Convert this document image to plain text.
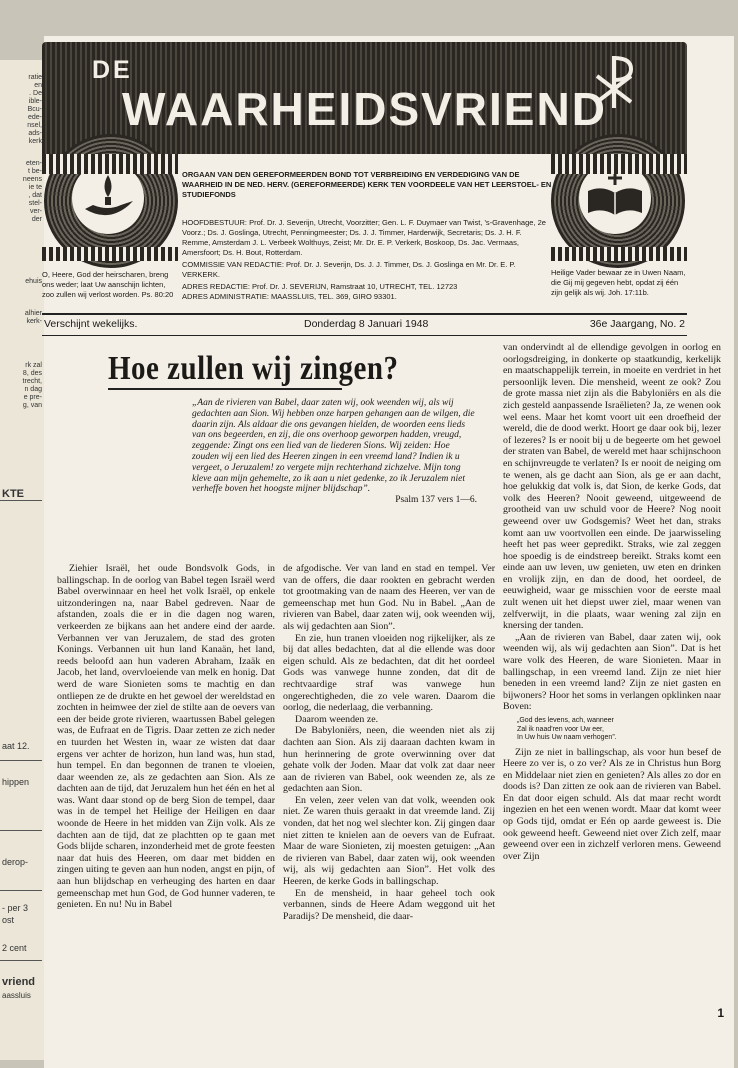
ratie
en
. De
ible-
Bcu-
ede-
nsel,
ads-
kerk
eten-
t be-
neens
ie te
, dat
stel-
ver-
der
ehuis
alhier
kerk-
rk zal
8, des
trecht,
n dag
e pre-
g, van
KTE
aat 12.
hippen
derop-
- per 3
ost
2 cent
vriend
aassluis
DE
WAARHEIDSVRIEND
ORGAAN VAN DEN GEREFORMEERDEN BOND TOT VERBREIDING EN VERDEDIGING VAN DE WAARHEID IN DE NED. HERV. (GEREFORMEERDE) KERK TEN VOORDEELE VAN HET LEERSTOEL- EN STUDIEFONDS
HOOFDBESTUUR: Prof. Dr. J. Severijn, Utrecht, Voorzitter; Gen. L. F. Duymaer van Twist, 's-Gravenhage, 2e Voorz.; Ds. J. Goslinga, Utrecht, Penningmeester; Ds. J. J. Timmer, Harderwijk, Secretaris; Ds. J. H. F. Remme, Amsterdam J. L. Verbeek Wolthuys, Zeist; Mr. Dr. E. P. Verkerk, Boskoop, Ds. Jac. Vermaas, Amersfoort; Ds. H. Bout, Rotterdam.
COMMISSIE VAN REDACTIE: Prof. Dr. J. Severijn, Ds. J. J. Timmer, Ds. J. Goslinga en Mr. Dr. E. P. VERKERK.
ADRES REDACTIE: Prof. Dr. J. SEVERIJN, Ramstraat 10, UTRECHT, TEL. 12723
ADRES ADMINISTRATIE: MAASSLUIS, TEL. 369, GIRO 93301.
O, Heere, God der heirscharen, breng ons weder; laat Uw aanschijn lichten, zoo zullen wij verlost worden. Ps. 80:20
Heilige Vader bewaar ze in Uwen Naam, die Gij mij gegeven hebt, opdat zij één zijn gelijk als wij. Joh. 17:11b.
Verschijnt wekelijks.	Donderdag 8 Januari 1948	36e Jaargang, No. 2
Hoe zullen wij zingen?
„Aan de rivieren van Babel, daar zaten wij, ook weenden wij, als wij gedachten aan Sion. Wij hebben onze harpen gehangen aan de wilgen, die daarin zijn. Als aldaar die ons gevangen hielden, de woorden eens lieds van ons begeerden, en zij, die ons overhoop geworpen hadden, vreugd, zeggende: Zingt ons een lied van de liederen Sions. Wij zeiden: Hoe zouden wij een lied des Heeren zingen in een vreemd land? Indien ik u vergeet, o Jeruzalem! zo vergete mijn rechterhand zichzelve. Mijn tong kleve aan mijn gehemelte, zo ik aan u niet gedenke, zo ik Jeruzalem niet verheffe boven het hoogste mijner blijdschap”.
Psalm 137 vers 1—6.

Ziehier Israël, het oude Bondsvolk Gods, in ballingschap. In de oorlog van Babel tegen Israël werd Babel overwinnaar en heel het volk Israël, op enkele uitzonderingen na, naar Babel gedreven. Naar de afstanden, zoals die er in die dagen nog waren, verkeerden ze bijkans aan het andere eind der aarde. Verbannen ver van Jeruzalem, de stad des groten Konings. Verbannen uit hun land Kanaän, het land, reeds beloofd aan hun vaderen Abraham, Izaäk en Jacob, het land, overvloeiende van melk en honig. Dat werd de ware Sionieten soms te machtig en dan ontliepen ze de drukte en het gewoel der wereldstad en zochten in heimwee der ziel de stilte aan de oevers van een der beide grote rivieren, waartussen Babel gelegen was, de Eufraat en de Tigris. Daar zetten ze zich neder en tuurden het Westen in, waar ze wisten dat daar ergens ver achter de horizon, hun land was, hun stad, hun tempel. En dan begonnen de tranen te vloeien, daar weenden ze, als ze gedachten aan Sion. Als ze dachten aan de tijd, dat Jeruzalem hun het één en het al was. Want daar stond op de berg Sion de tempel, daar was in de tempel het Heilige der Heiligen en daar woonde de Heere in het midden van Zijn volk. Als ze dachten aan de tijd, dat ze plachtten op te gaan met Gods blijde scharen, inzonderheid met de grote feesten naar dat huis des Heeren, om daar met bidden en zingen uiting te geven aan hun noden, angst en pijn, of aan hun blijdschap en verheuging des harten en daar gemeenschap met hun God, de God hunner vaderen, te genieten. En nu! Nu in Babel

de afgodische. Ver van land en stad en tempel. Ver van de offers, die daar rookten en gebracht werden tot grootmaking van de naam des Heeren, ver van de gemeenschap met hun God. Nu in Babel. „Aan de rivieren van Babel, daar zaten wij, ook weenden wij, als wij gedachten aan Sion”.

En zie, hun tranen vloeiden nog rijkelijker, als ze bij dat alles bedachten, dat al die ellende was door eigen schuld. Als ze bedachten, dat dit het oordeel Gods was vanwege hunne zonden, dat dit de rechtvaardige straf was vanwege hun ongerechtigheden, die zo vele waren. Daarom die oorlog, die nederlaag, die verbanning.

Daarom weenden ze.

De Babyloniërs, neen, die weenden niet als zij dachten aan Sion. Als zij daaraan dachten kwam in hun herinnering de grote overwinning over dat gehate volk der Joden. Maar dat volk zat daar neer aan de rivieren van Babel, ook weenden ze, als ze gedachten aan Sion.

En velen, zeer velen van dat volk, weenden ook niet. Ze waren thuis geraakt in dat vreemde land. Zij vonden, dat het nog wel slechter kon. Zij gingen daar niet zitten te knielen aan de oevers van de Eufraat. Maar de ware Sionieten, zij moesten getuigen: „Aan de rivieren van Babel, daar zaten wij, ook weenden wij, als wij gedachten aan Sion”. Het volk des Heeren, de kerke Gods in ballingschap.

En de mensheid, in haar geheel toch ook verbannen, sinds de Heere Adam weggond uit het Paradijs? De mensheid, die daar-

van ondervindt al de ellendige gevolgen in oorlog en oorlogsdreiging, in donkerte op staatkundig, kerkelijk en maatschappelijk terrein, in moeite en verdriet in het persoonlijk leven. Die mensheid, weent ze ook? Zou de grote massa niet zijn als die Babyloniërs en als die zich gesteld aanpassende Israëlieten? Ja, ze wenen ook wel eens. Maar het komt voort uit een droefheid der wereld, die de dood werkt. Hoort ge daar ook bij, lezer of lezeres? Is er nooit bij u de begeerte om het gewoel der straten van Babel, de wereld met haar schijnschoon en schijnvreugde te verlaten? Is er nooit de neiging om te wenen, als ge dacht aan Sion, als ge er aan dacht, hoe gelukkig dat volk is, dat Sion, de kerke Gods, dat volk des Heeren? Nooit geweend, uitgeweend de grootheid van uw schuld voor de Heere? Nog nooit geweend over uw Godsgemis? Weet het dan, straks komt aan uw voortvollen een einde. De jaarwisseling heeft het pas weer gepredikt. Straks, wie zal zeggen hoe spoedig is de eindstreep bereikt. Straks komt een einde aan uw leven, uw genieten, uw eten en drinken en vrolijk zijn, en dan de dood, het oordeel, de eeuwigheid, waar ge misschien voor de eerste maal zult wenen uit het diepst uwer ziel, maar wenen van zelfverwijt, in die plaats, waar wening zal zijn en knersing der tanden.

„Aan de rivieren van Babel, daar zaten wij, ook weenden wij, als wij gedachten aan Sion”. Dat is het ware volk des Heeren, de ware Sionieten. Maar in ballingschap, in een vreemd land. Zijn ze niet hier beneden in een vreemd land? Zijn ze niet gasten en bijwoners? Hoor het soms in verlangen opklinken naar Boven:

„God des levens, ach, wanneer
Zal ik naad'ren voor Uw eer,
In Uw huis Uw naam verhogen”.

Zijn ze niet in ballingschap, als voor hun besef de Heere zo ver is, o zo ver? Als ze in Christus hun Borg en Middelaar niet zien en genieten? Als alles zo dor en doods is? Dan zitten ze ook aan de rivieren van Babel. En dat door eigen schuld. Als dat maar recht wordt ingezien en het een wenen wordt. Maar dat komt weer op Gods tijd, omdat er Eén op aarde geweest is. Die ook geweend heeft. Geweend niet over Zich zelf, maar geweend over een in zichzelf verloren mens. Geweend over Zijn

1
